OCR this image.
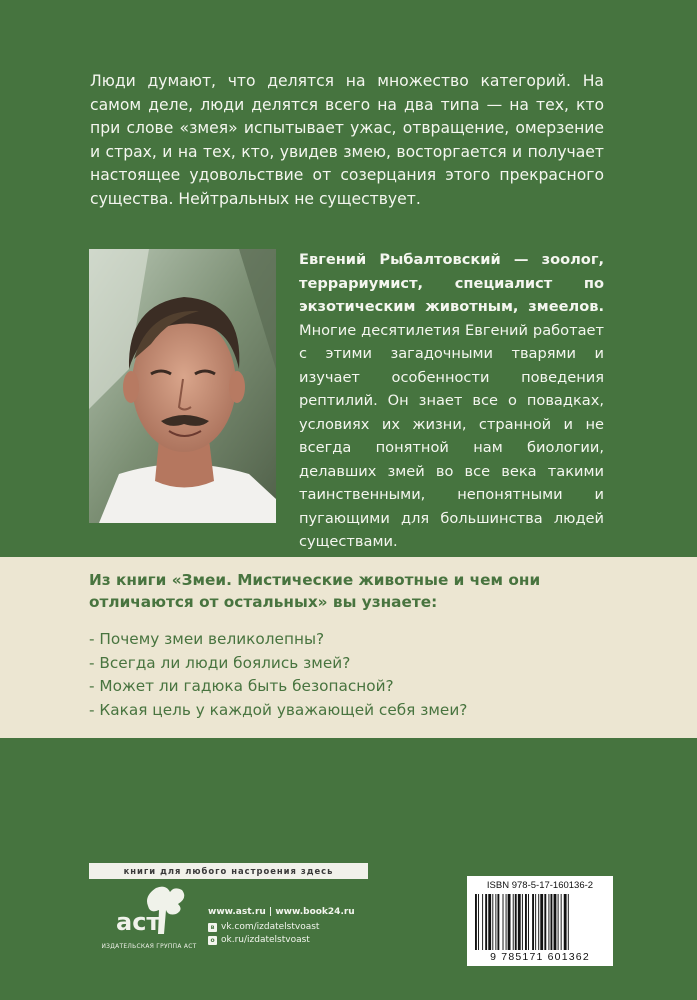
Люди думают, что делятся на множество категорий. На самом деле, люди делятся всего на два типа — на тех, кто при слове «змея» испытывает ужас, отвращение, омерзение и страх, и на тех, кто, увидев змею, восторгается и получает настоящее удовольствие от созерцания этого прекрасного существа. Нейтральных не существует.

Евгений Рыбалтовский — зоолог, террариумист, специалист по экзотическим животным, змеелов. Многие десятилетия Евгений работает с этими загадочными тварями и изучает особенности поведения рептилий. Он знает все о повадках, условиях их жизни, странной и не всегда понятной нам биологии, делавших змей во все века такими таинственными, непонятными и пугающими для большинства людей существами.

Из книги «Змеи. Мистические животные и чем они отличаются от остальных» вы узнаете:

- Почему змеи великолепны?
- Всегда ли люди боялись змей?
- Может ли гадюка быть безопасной?
- Какая цель у каждой уважающей себя змеи?
книги для любого настроения здесь
аст
ИЗДАТЕЛЬСКАЯ ГРУППА АСТ
www.ast.ru | www.book24.ru
в vk.com/izdatelstvoast
о ok.ru/izdatelstvoast
ISBN 978-5-17-160136-2
9 785171 601362
